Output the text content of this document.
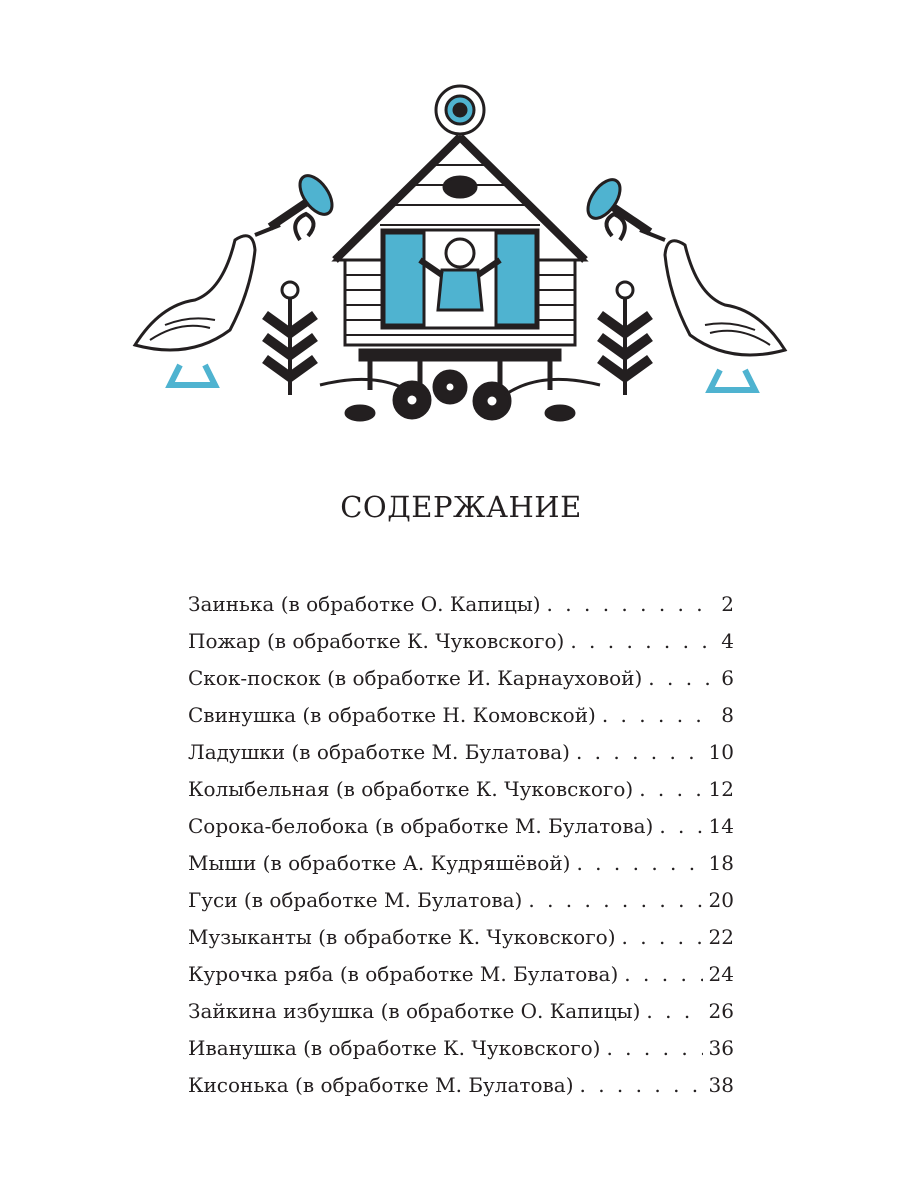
СОДЕРЖАНИЕ
Заинька (в обработке О. Капицы) . . .	2
Пожар (в обработке К. Чуковского) . . .	4
Скок-поскок (в обработке И. Карнауховой) . . .	6
Свинушка (в обработке Н. Комовской) . . .	8
Ладушки (в обработке М. Булатова) . . .	10
Колыбельная (в обработке К. Чуковского) . . .	12
Сорока-белобока (в обработке М. Булатова) . . .	14
Мыши (в обработке А. Кудряшёвой) . . .	18
Гуси (в обработке М. Булатова) . . .	20
Музыканты (в обработке К. Чуковского) . . .	22
Курочка ряба (в обработке М. Булатова) . . .	24
Зайкина избушка (в обработке О. Капицы) . . .	26
Иванушка (в обработке К. Чуковского) . . .	36
Кисонька (в обработке М. Булатова) . . .	38
